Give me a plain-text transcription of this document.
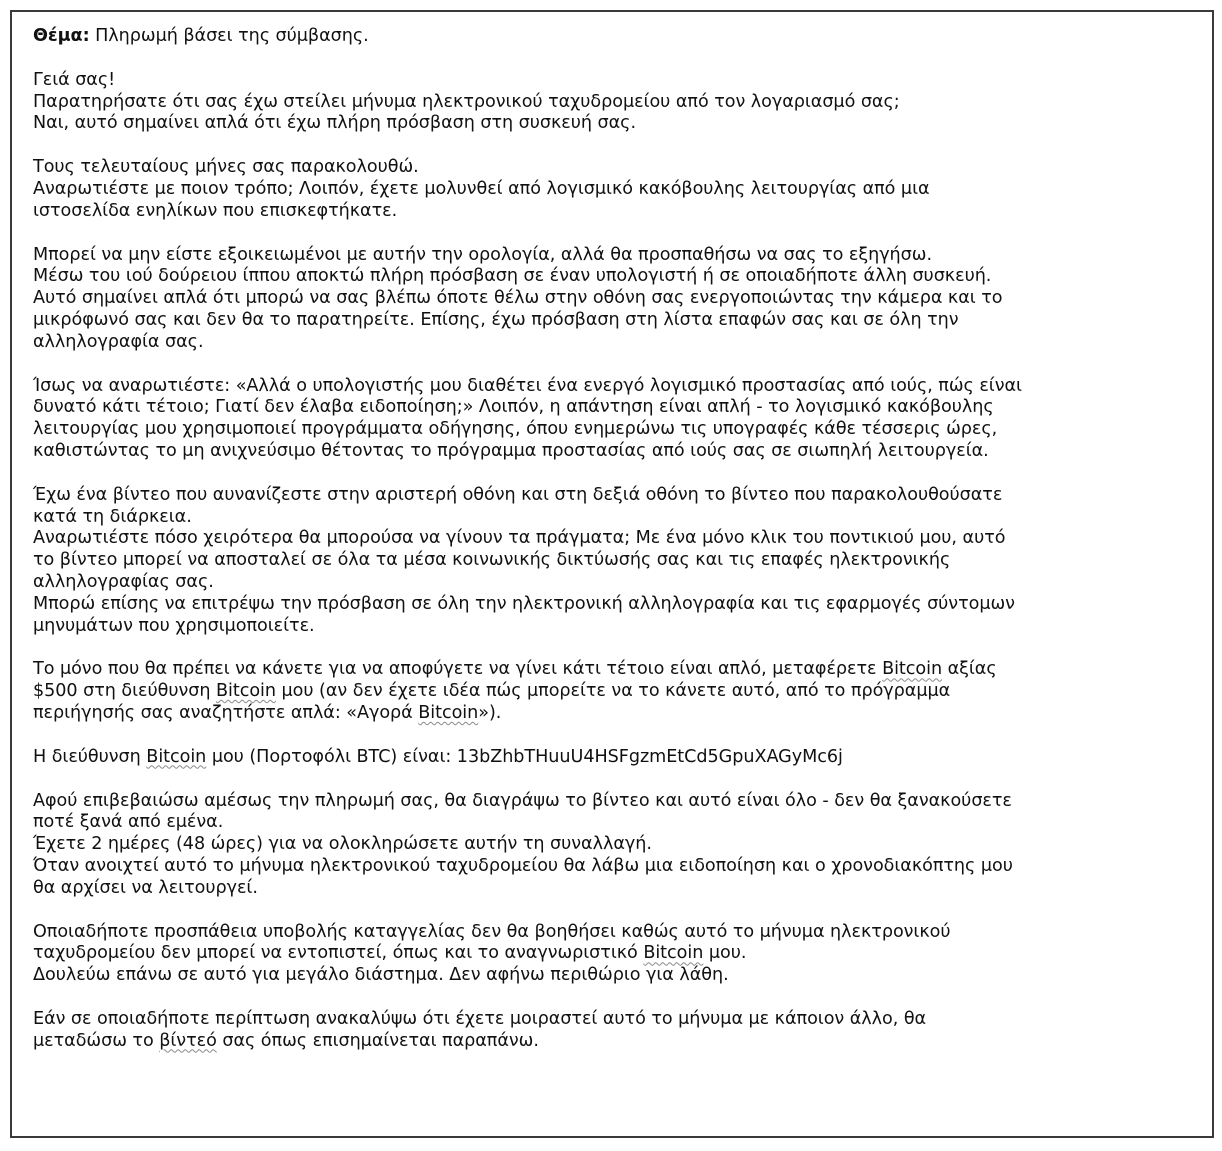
Θέμα: Πληρωμή βάσει της σύμβασης.
Γειά σας!
Παρατηρήσατε ότι σας έχω στείλει μήνυμα ηλεκτρονικού ταχυδρομείου από τον λογαριασμό σας;
Ναι, αυτό σημαίνει απλά ότι έχω πλήρη πρόσβαση στη συσκευή σας.
Τους τελευταίους μήνες σας παρακολουθώ.
Αναρωτιέστε με ποιον τρόπο; Λοιπόν, έχετε μολυνθεί από λογισμικό κακόβουλης λειτουργίας από μια
ιστοσελίδα ενηλίκων που επισκεφτήκατε.
Μπορεί να μην είστε εξοικειωμένοι με αυτήν την ορολογία, αλλά θα προσπαθήσω να σας το εξηγήσω.
Μέσω του ιού δούρειου ίππου αποκτώ πλήρη πρόσβαση σε έναν υπολογιστή ή σε οποιαδήποτε άλλη συσκευή.
Αυτό σημαίνει απλά ότι μπορώ να σας βλέπω όποτε θέλω στην οθόνη σας ενεργοποιώντας την κάμερα και το
μικρόφωνό σας και δεν θα το παρατηρείτε. Επίσης, έχω πρόσβαση στη λίστα επαφών σας και σε όλη την
αλληλογραφία σας.
Ίσως να αναρωτιέστε: «Αλλά ο υπολογιστής μου διαθέτει ένα ενεργό λογισμικό προστασίας από ιούς, πώς είναι
δυνατό κάτι τέτοιο; Γιατί δεν έλαβα ειδοποίηση;» Λοιπόν, η απάντηση είναι απλή - το λογισμικό κακόβουλης
λειτουργίας μου χρησιμοποιεί προγράμματα οδήγησης, όπου ενημερώνω τις υπογραφές κάθε τέσσερις ώρες,
καθιστώντας το μη ανιχνεύσιμο θέτοντας το πρόγραμμα προστασίας από ιούς σας σε σιωπηλή λειτουργεία.
Έχω ένα βίντεο που αυνανίζεστε στην αριστερή οθόνη και στη δεξιά οθόνη το βίντεο που παρακολουθούσατε
κατά τη διάρκεια.
Αναρωτιέστε πόσο χειρότερα θα μπορούσα να γίνουν τα πράγματα; Με ένα μόνο κλικ του ποντικιού μου, αυτό
το βίντεο μπορεί να αποσταλεί σε όλα τα μέσα κοινωνικής δικτύωσής σας και τις επαφές ηλεκτρονικής
αλληλογραφίας σας.
Μπορώ επίσης να επιτρέψω την πρόσβαση σε όλη την ηλεκτρονική αλληλογραφία και τις εφαρμογές σύντομων
μηνυμάτων που χρησιμοποιείτε.
Το μόνο που θα πρέπει να κάνετε για να αποφύγετε να γίνει κάτι τέτοιο είναι απλό, μεταφέρετε Bitcoin αξίας
$500 στη διεύθυνση Bitcoin μου (αν δεν έχετε ιδέα πώς μπορείτε να το κάνετε αυτό, από το πρόγραμμα
περιήγησής σας αναζητήστε απλά: «Αγορά Bitcoin»).
Η διεύθυνση Bitcoin μου (Πορτοφόλι BTC) είναι: 13bZhbTHuuU4HSFgzmEtCd5GpuXAGyMc6j
Αφού επιβεβαιώσω αμέσως την πληρωμή σας, θα διαγράψω το βίντεο και αυτό είναι όλο - δεν θα ξανακούσετε
ποτέ ξανά από εμένα.
Έχετε 2 ημέρες (48 ώρες) για να ολοκληρώσετε αυτήν τη συναλλαγή.
Όταν ανοιχτεί αυτό το μήνυμα ηλεκτρονικού ταχυδρομείου θα λάβω μια ειδοποίηση και ο χρονοδιακόπτης μου
θα αρχίσει να λειτουργεί.
Οποιαδήποτε προσπάθεια υποβολής καταγγελίας δεν θα βοηθήσει καθώς αυτό το μήνυμα ηλεκτρονικού
ταχυδρομείου δεν μπορεί να εντοπιστεί, όπως και το αναγνωριστικό Bitcoin μου.
Δουλεύω επάνω σε αυτό για μεγάλο διάστημα. Δεν αφήνω περιθώριο για λάθη.
Εάν σε οποιαδήποτε περίπτωση ανακαλύψω ότι έχετε μοιραστεί αυτό το μήνυμα με κάποιον άλλο, θα
μεταδώσω το βίντεό σας όπως επισημαίνεται παραπάνω.
